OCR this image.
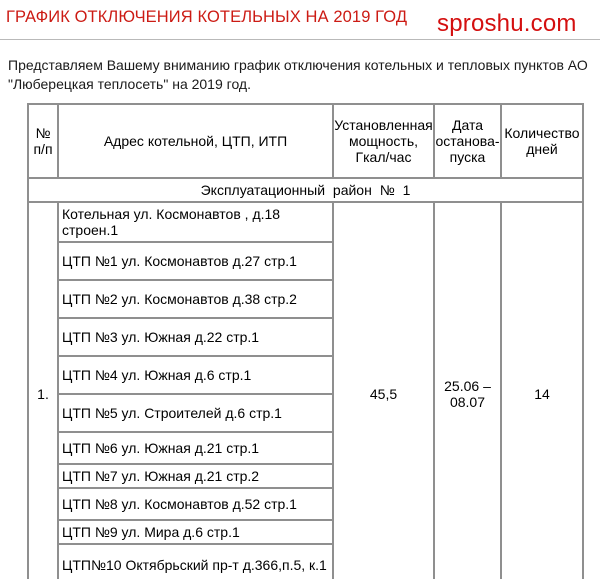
ГРАФИК ОТКЛЮЧЕНИЯ КОТЕЛЬНЫХ НА 2019 ГОД sproshu.com
Представляем Вашему вниманию график отключения котельных и тепловых пунктов АО
"Люберецкая теплосеть" на 2019 год.
№ п/п	Адрес котельной, ЦТП, ИТП	Установленная мощность, Гкал/час	Дата останова-пуска	Количество дней
Эксплуатационный район № 1				
1.	Котельная ул. Космонавтов , д.18 строен.1	45,5	25.06 – 08.07	14
	ЦТП №1 ул. Космонавтов д.27 стр.1			
	ЦТП №2 ул. Космонавтов д.38 стр.2			
	ЦТП №3 ул. Южная д.22 стр.1			
	ЦТП №4 ул. Южная д.6 стр.1			
	ЦТП №5 ул. Строителей д.6 стр.1			
	ЦТП №6 ул. Южная д.21 стр.1			
	ЦТП №7 ул. Южная д.21 стр.2			
	ЦТП №8 ул. Космонавтов д.52 стр.1			
	ЦТП №9 ул. Мира д.6 стр.1			
	ЦТП№10 Октябрьский пр-т д.366,п.5, к.1			
